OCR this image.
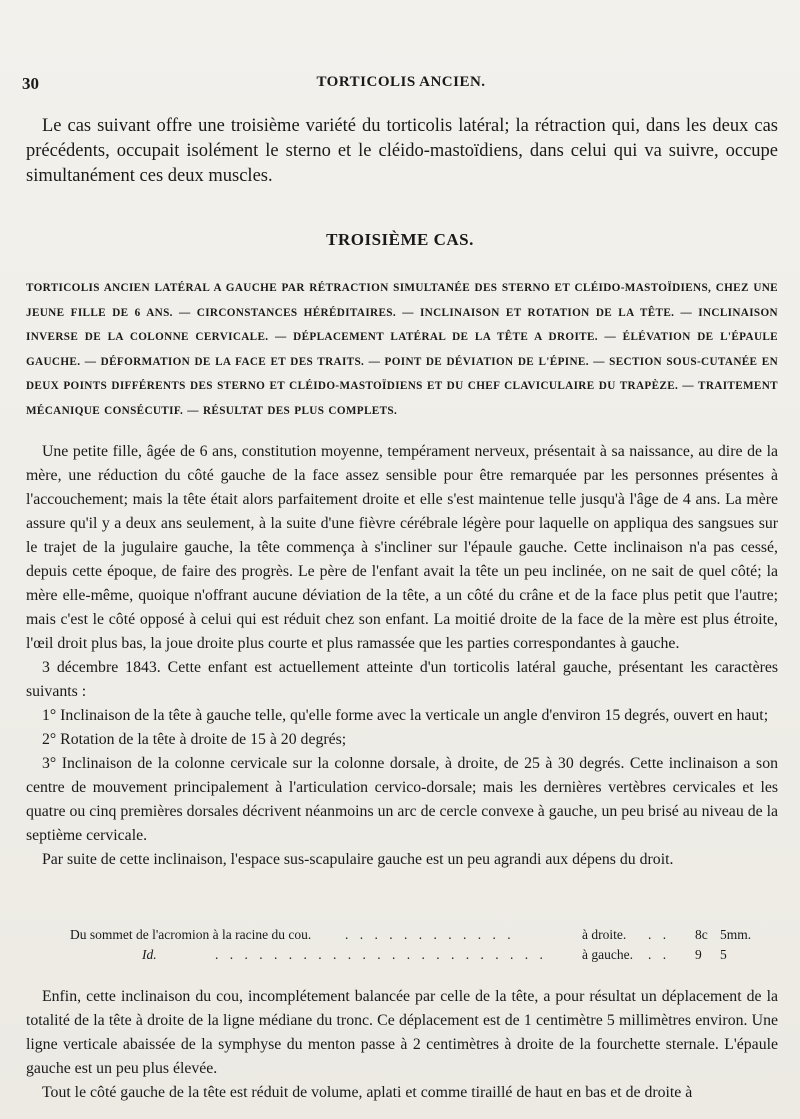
30	TORTICOLIS ANCIEN.
Le cas suivant offre une troisième variété du torticolis latéral; la rétraction qui, dans les deux cas précédents, occupait isolément le sterno et le cléido-mastoïdiens, dans celui qui va suivre, occupe simultanément ces deux muscles.
TROISIÈME CAS.
TORTICOLIS ANCIEN LATÉRAL A GAUCHE PAR RÉTRACTION SIMULTANÉE DES STERNO ET CLÉIDO-MASTOÏDIENS, CHEZ UNE JEUNE FILLE DE 6 ANS. — CIRCONSTANCES HÉRÉDITAIRES. — INCLINAISON ET ROTATION DE LA TÊTE. — INCLINAISON INVERSE DE LA COLONNE CERVICALE. — DÉPLACEMENT LATÉRAL DE LA TÊTE A DROITE. — ÉLÉVATION DE L'ÉPAULE GAUCHE. — DÉFORMATION DE LA FACE ET DES TRAITS. — POINT DE DÉVIATION DE L'ÉPINE. — SECTION SOUS-CUTANÉE EN DEUX POINTS DIFFÉRENTS DES STERNO ET CLÉIDO-MASTOÏDIENS ET DU CHEF CLAVICULAIRE DU TRAPÈZE. — TRAITEMENT MÉCANIQUE CONSÉCUTIF. — RÉSULTAT DES PLUS COMPLETS.

Une petite fille, âgée de 6 ans, constitution moyenne, tempérament nerveux, présentait à sa naissance, au dire de la mère, une réduction du côté gauche de la face assez sensible pour être remarquée par les personnes présentes à l'accouchement; mais la tête était alors parfaitement droite et elle s'est maintenue telle jusqu'à l'âge de 4 ans. La mère assure qu'il y a deux ans seulement, à la suite d'une fièvre cérébrale légère pour laquelle on appliqua des sangsues sur le trajet de la jugulaire gauche, la tête commença à s'incliner sur l'épaule gauche. Cette inclinaison n'a pas cessé, depuis cette époque, de faire des progrès. Le père de l'enfant avait la tête un peu inclinée, on ne sait de quel côté; la mère elle-même, quoique n'offrant aucune déviation de la tête, a un côté du crâne et de la face plus petit que l'autre; mais c'est le côté opposé à celui qui est réduit chez son enfant. La moitié droite de la face de la mère est plus étroite, l'œil droit plus bas, la joue droite plus courte et plus ramassée que les parties correspondantes à gauche.

3 décembre 1843. Cette enfant est actuellement atteinte d'un torticolis latéral gauche, présentant les caractères suivants :

1° Inclinaison de la tête à gauche telle, qu'elle forme avec la verticale un angle d'environ 15 degrés, ouvert en haut;

2° Rotation de la tête à droite de 15 à 20 degrés;

3° Inclinaison de la colonne cervicale sur la colonne dorsale, à droite, de 25 à 30 degrés. Cette inclinaison a son centre de mouvement principalement à l'articulation cervico-dorsale; mais les dernières vertèbres cervicales et les quatre ou cinq premières dorsales décrivent néanmoins un arc de cercle convexe à gauche, un peu brisé au niveau de la septième cervicale.

Par suite de cette inclinaison, l'espace sus-scapulaire gauche est un peu agrandi aux dépens du droit.

Du sommet de l'acromion à la racine du cou.	. . . . . . . . . . . .	à droite. . . 8c 5mm.
Id.	. . . . . . . . . . . . . . . . . . . . . . .	à gauche. . . 9 5

Enfin, cette inclinaison du cou, incomplétement balancée par celle de la tête, a pour résultat un déplacement de la totalité de la tête à droite de la ligne médiane du tronc. Ce déplacement est de 1 centimètre 5 millimètres environ. Une ligne verticale abaissée de la symphyse du menton passe à 2 centimètres à droite de la fourchette sternale. L'épaule gauche est un peu plus élevée.

Tout le côté gauche de la tête est réduit de volume, aplati et comme tiraillé de haut en bas et de droite à
